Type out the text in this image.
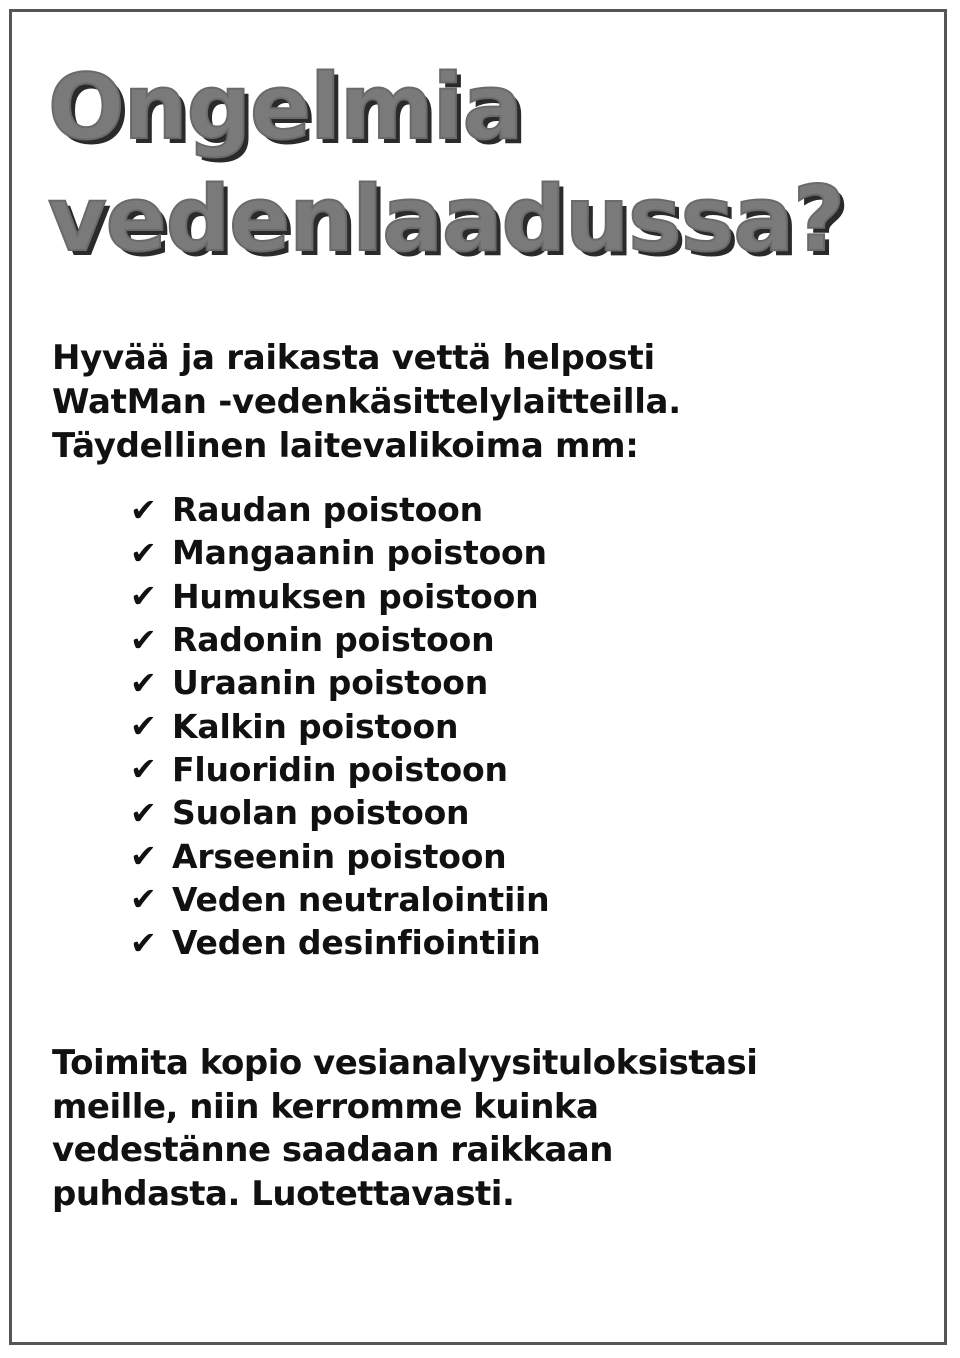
Ongelmia
vedenlaadussa?
Hyvää ja raikasta vettä helposti
WatMan -vedenkäsittelylaitteilla.
Täydellinen laitevalikoima mm:
✔ Raudan poistoon
✔ Mangaanin poistoon
✔ Humuksen poistoon
✔ Radonin poistoon
✔ Uraanin poistoon
✔ Kalkin poistoon
✔ Fluoridin poistoon
✔ Suolan poistoon
✔ Arseenin poistoon
✔ Veden neutralointiin
✔ Veden desinfiointiin
Toimita kopio vesianalyysituloksistasi
meille, niin kerromme kuinka
vedestänne saadaan raikkaan
puhdasta. Luotettavasti.
